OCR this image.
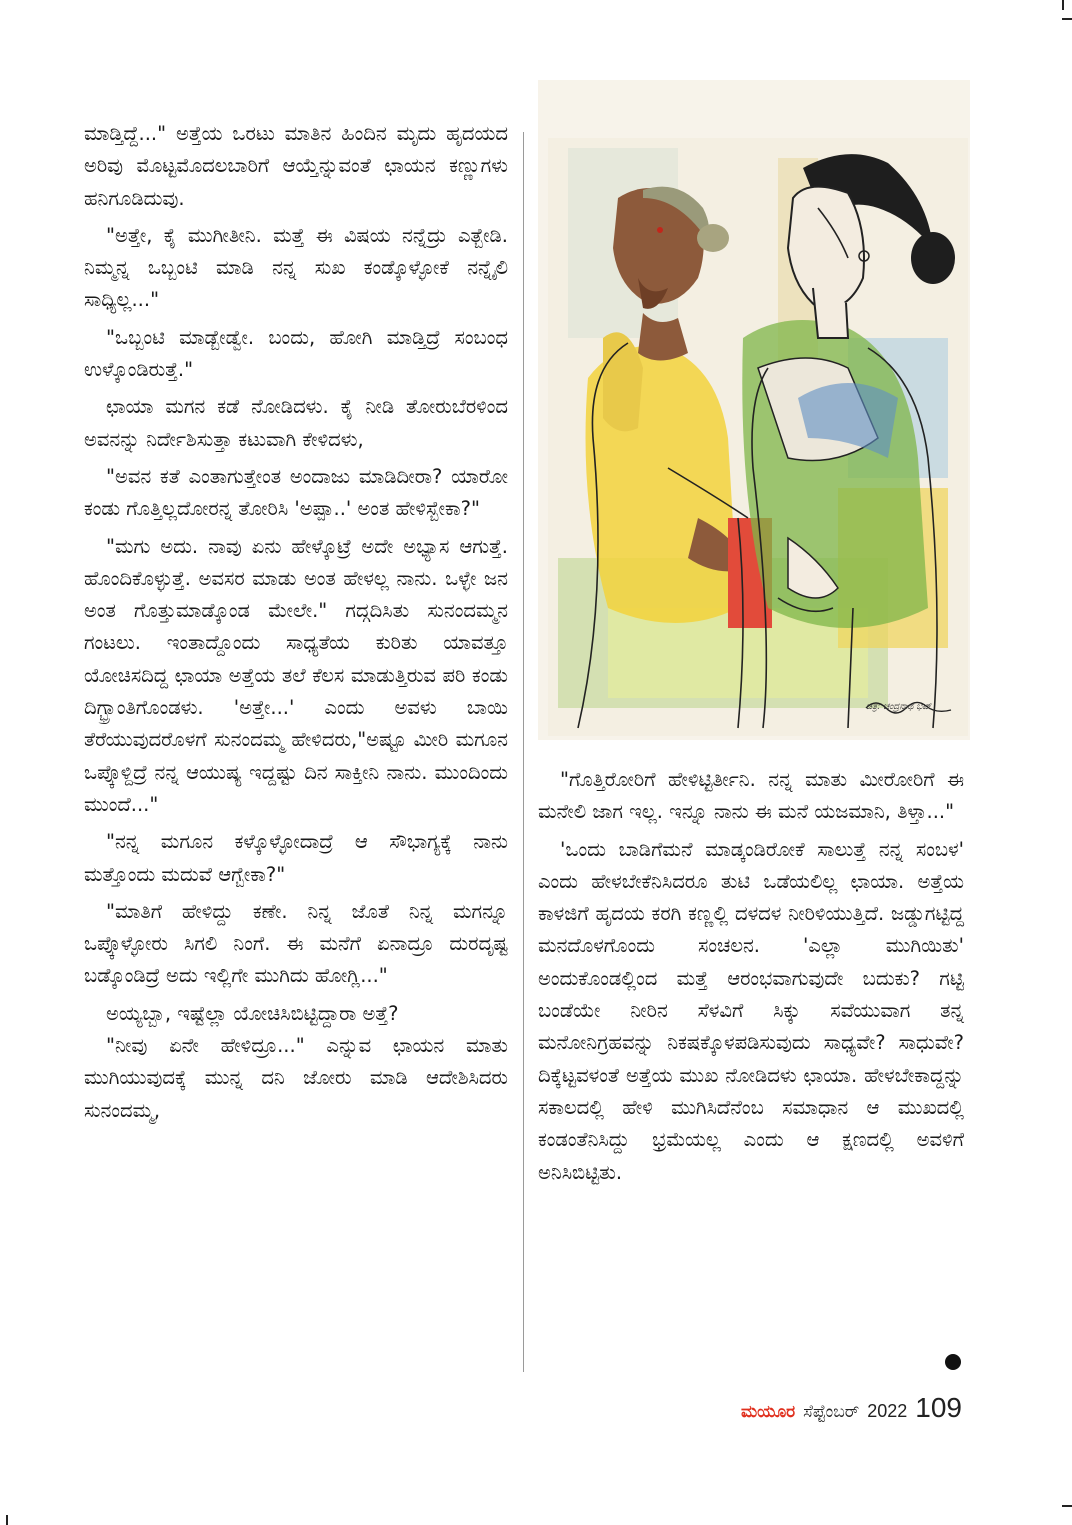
ಮಾಡ್ತಿದ್ದೆ..." ಅತ್ತೆಯ ಒರಟು ಮಾತಿನ ಹಿಂದಿನ ಮೃದು ಹೃದಯದ ಅರಿವು ಮೊಟ್ಟಮೊದಲಬಾರಿಗೆ ಆಯ್ತೆನ್ನುವಂತೆ ಛಾಯನ ಕಣ್ಣುಗಳು ಹನಿಗೂಡಿದುವು.

"ಅತ್ತೇ, ಕೈ ಮುಗೀತೀನಿ. ಮತ್ತೆ ಈ ವಿಷಯ ನನ್ನೆದ್ರು ಎತ್ಬೇಡಿ. ನಿಮ್ಮನ್ನ ಒಬ್ಬಂಟಿ ಮಾಡಿ ನನ್ನ ಸುಖ ಕಂಡ್ಕೊಳ್ಳೋಕೆ ನನ್ನೈಲಿ ಸಾಧ್ಯಿಲ್ಲ..."

"ಒಬ್ಬಂಟಿ ಮಾಡ್ಬೇಡ್ವೇ. ಬಂದು, ಹೋಗಿ ಮಾಡ್ತಿದ್ರೆ ಸಂಬಂಧ ಉಳ್ಕೊಂಡಿರುತ್ತೆ."

ಛಾಯಾ ಮಗನ ಕಡೆ ನೋಡಿದಳು. ಕೈ ನೀಡಿ ತೋರುಬೆರಳಿಂದ ಅವನನ್ನು ನಿರ್ದೇಶಿಸುತ್ತಾ ಕಟುವಾಗಿ ಕೇಳಿದಳು,

"ಅವನ ಕತೆ ಎಂತಾಗುತ್ತೇಂತ ಅಂದಾಜು ಮಾಡಿದೀರಾ? ಯಾರೋ ಕಂಡು ಗೊತ್ತಿಲ್ಲದೋರನ್ನ ತೋರಿಸಿ 'ಅಪ್ಪಾ..' ಅಂತ ಹೇಳಿಸ್ಬೇಕಾ?"

"ಮಗು ಅದು. ನಾವು ಏನು ಹೇಳ್ಕೊಟ್ರೆ ಅದೇ ಅಭ್ಯಾಸ ಆಗುತ್ತೆ. ಹೊಂದಿಕೊಳ್ಳುತ್ತೆ. ಅವಸರ ಮಾಡು ಅಂತ ಹೇಳಲ್ಲ ನಾನು. ಒಳ್ಳೇ ಜನ ಅಂತ ಗೊತ್ತುಮಾಡ್ಕೊಂಡ ಮೇಲೇ." ಗದ್ಗದಿಸಿತು ಸುನಂದಮ್ಮನ ಗಂಟಲು. ಇಂತಾದ್ದೊಂದು ಸಾಧ್ಯತೆಯ ಕುರಿತು ಯಾವತ್ತೂ ಯೋಚಿಸದಿದ್ದ ಛಾಯಾ ಅತ್ತೆಯ ತಲೆ ಕೆಲಸ ಮಾಡುತ್ತಿರುವ ಪರಿ ಕಂಡು ದಿಗ್ಭ್ರಾಂತಿಗೊಂಡಳು. 'ಅತ್ತೇ...' ಎಂದು ಅವಳು ಬಾಯಿ ತೆರೆಯುವುದರೊಳಗೆ ಸುನಂದಮ್ಮ ಹೇಳಿದರು,"ಅಷ್ಟೂ ಮೀರಿ ಮಗೂನ ಒಪ್ಕೊಳ್ದಿದ್ರೆ ನನ್ನ ಆಯುಷ್ಯ ಇದ್ದಷ್ಟು ದಿನ ಸಾಕ್ತೀನಿ ನಾನು. ಮುಂದಿಂದು ಮುಂದೆ..."

"ನನ್ನ ಮಗೂನ ಕಳ್ಕೊಳ್ಳೋದಾದ್ರೆ ಆ ಸೌಭಾಗ್ಯಕ್ಕೆ ನಾನು ಮತ್ತೊಂದು ಮದುವೆ ಆಗ್ಬೇಕಾ?"

"ಮಾತಿಗೆ ಹೇಳಿದ್ದು ಕಣೇ. ನಿನ್ನ ಜೊತೆ ನಿನ್ನ ಮಗನ್ನೂ ಒಪ್ಕೊಳ್ಳೋರು ಸಿಗಲಿ ನಿಂಗೆ. ಈ ಮನೆಗೆ ಏನಾದ್ರೂ ದುರದೃಷ್ಟ ಬಡ್ಕೊಂಡಿದ್ರೆ ಅದು ಇಲ್ಲಿಗೇ ಮುಗಿದು ಹೋಗ್ಲಿ..."

ಅಯ್ಯಬ್ಬಾ, ಇಷ್ಟೆಲ್ಲಾ ಯೋಚಿಸಿಬಿಟ್ಟಿದ್ದಾರಾ ಅತ್ತೆ?

"ನೀವು ಏನೇ ಹೇಳಿದ್ರೂ..." ಎನ್ನುವ ಛಾಯನ ಮಾತು ಮುಗಿಯುವುದಕ್ಕೆ ಮುನ್ನ ದನಿ ಜೋರು ಮಾಡಿ ಆದೇಶಿಸಿದರು ಸುನಂದಮ್ಮ,

ಚಿತ್ರ: ಚಂದ್ರನಾಥ ಭಟ್

"ಗೊತ್ತಿರೋರಿಗೆ ಹೇಳಿಟ್ಟಿರ್ತೀನಿ. ನನ್ನ ಮಾತು ಮೀರೋರಿಗೆ ಈ ಮನೇಲಿ ಜಾಗ ಇಲ್ಲ. ಇನ್ನೂ ನಾನು ಈ ಮನೆ ಯಜಮಾನಿ, ತಿಳ್ತಾ..."

'ಒಂದು ಬಾಡಿಗೆಮನೆ ಮಾಡ್ಕಂಡಿರೋಕೆ ಸಾಲುತ್ತೆ ನನ್ನ ಸಂಬಳ' ಎಂದು ಹೇಳಬೇಕೆನಿಸಿದರೂ ತುಟಿ ಒಡೆಯಲಿಲ್ಲ ಛಾಯಾ. ಅತ್ತೆಯ ಕಾಳಜಿಗೆ ಹೃದಯ ಕರಗಿ ಕಣ್ಣಲ್ಲಿ ದಳದಳ ನೀರಿಳಿಯುತ್ತಿದೆ. ಜಡ್ಡುಗಟ್ಟಿದ್ದ ಮನದೊಳಗೊಂದು ಸಂಚಲನ. 'ಎಲ್ಲಾ ಮುಗಿಯಿತು' ಅಂದುಕೊಂಡಲ್ಲಿಂದ ಮತ್ತೆ ಆರಂಭವಾಗುವುದೇ ಬದುಕು? ಗಟ್ಟಿ ಬಂಡೆಯೇ ನೀರಿನ ಸೆಳವಿಗೆ ಸಿಕ್ಕು ಸವೆಯುವಾಗ ತನ್ನ ಮನೋನಿಗ್ರಹವನ್ನು ನಿಕಷಕ್ಕೊಳಪಡಿಸುವುದು ಸಾಧ್ಯವೇ? ಸಾಧುವೇ? ದಿಕ್ಕೆಟ್ಟವಳಂತೆ ಅತ್ತೆಯ ಮುಖ ನೋಡಿದಳು ಛಾಯಾ. ಹೇಳಬೇಕಾದ್ದನ್ನು ಸಕಾಲದಲ್ಲಿ ಹೇಳಿ ಮುಗಿಸಿದೆನೆಂಬ ಸಮಾಧಾನ ಆ ಮುಖದಲ್ಲಿ ಕಂಡಂತೆನಿಸಿದ್ದು ಭ್ರಮೆಯಲ್ಲ ಎಂದು ಆ ಕ್ಷಣದಲ್ಲಿ ಅವಳಿಗೆ ಅನಿಸಿಬಿಟ್ಟಿತು.

ಮಯೂರ ಸೆಪ್ಟೆಂಬರ್ 2022 109
